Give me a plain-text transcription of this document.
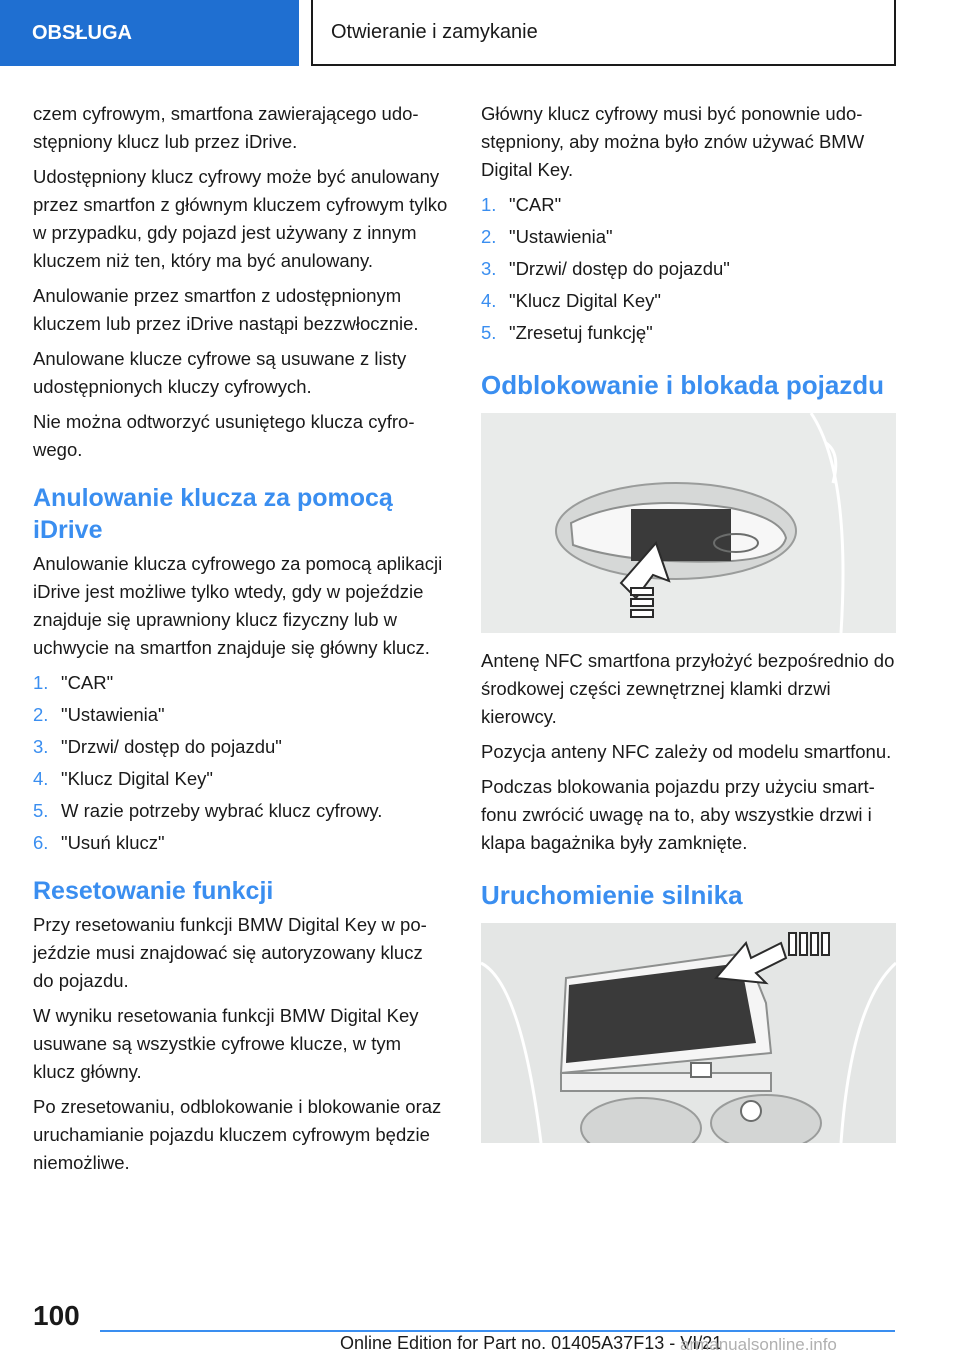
OBSŁUGA	Otwieranie i zamykanie

czem cyfrowym, smartfona zawierającego udostępniony klucz lub przez iDrive.

Udostępniony klucz cyfrowy może być anulowany przez smartfon z głównym kluczem cyfrowym tylko w przypadku, gdy pojazd jest używany z innym kluczem niż ten, który ma być anulowany.

Anulowanie przez smartfon z udostępnionym kluczem lub przez iDrive nastąpi bezzwłocznie.

Anulowane klucze cyfrowe są usuwane z listy udostępnionych kluczy cyfrowych.

Nie można odtworzyć usuniętego klucza cyfrowego.

Anulowanie klucza za pomocą iDrive

Anulowanie klucza cyfrowego za pomocą aplikacji iDrive jest możliwe tylko wtedy, gdy w pojeździe znajduje się uprawniony klucz fizyczny lub w uchwycie na smartfon znajduje się główny klucz.

1. "CAR"
2. "Ustawienia"
3. "Drzwi/ dostęp do pojazdu"
4. "Klucz Digital Key"
5. W razie potrzeby wybrać klucz cyfrowy.
6. "Usuń klucz"
Resetowanie funkcji

Przy resetowaniu funkcji BMW Digital Key w pojeździe musi znajdować się autoryzowany klucz do pojazdu.

W wyniku resetowania funkcji BMW Digital Key usuwane są wszystkie cyfrowe klucze, w tym klucz główny.

Po zresetowaniu, odblokowanie i blokowanie oraz uruchamianie pojazdu kluczem cyfrowym będzie niemożliwe.

Główny klucz cyfrowy musi być ponownie udostępniony, aby można było znów używać BMW Digital Key.

1. "CAR"
2. "Ustawienia"
3. "Drzwi/ dostęp do pojazdu"
4. "Klucz Digital Key"
5. "Zresetuj funkcję"
Odblokowanie i blokada pojazdu

Antenę NFC smartfona przyłożyć bezpośrednio do środkowej części zewnętrznej klamki drzwi kierowcy.

Pozycja anteny NFC zależy od modelu smartfonu.

Podczas blokowania pojazdu przy użyciu smartfonu zwrócić uwagę na to, aby wszystkie drzwi i klapa bagażnika były zamknięte.

Uruchomienie silnika
100
Online Edition for Part no. 01405A37F13 - VI/21
armanualsonline.info
